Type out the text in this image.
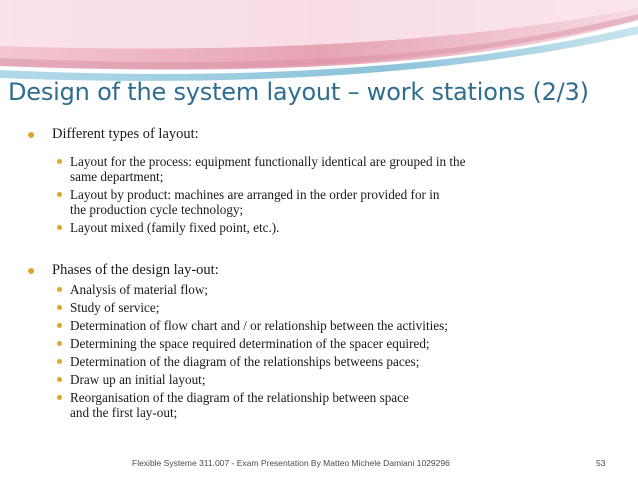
Design of the system layout – work stations (2/3)
Different types of layout:
Layout for the process: equipment functionally identical are grouped in the
same department;
Layout by product: machines are arranged in the order provided for in
the production cycle technology;
Layout mixed (family fixed point, etc.).
Phases of the design lay-out:
Analysis of material flow;
Study of service;
Determination of flow chart and / or relationship between the activities;
Determining the space required determination of the spacer equired;
Determination of the diagram of the relationships betweens paces;
Draw up an initial layout;
Reorganisation of the diagram of the relationship between space
and the first lay-out;
Flexible Systeme 311.007 - Exam Presentation By Matteo Michele Damiani 1029296	53
